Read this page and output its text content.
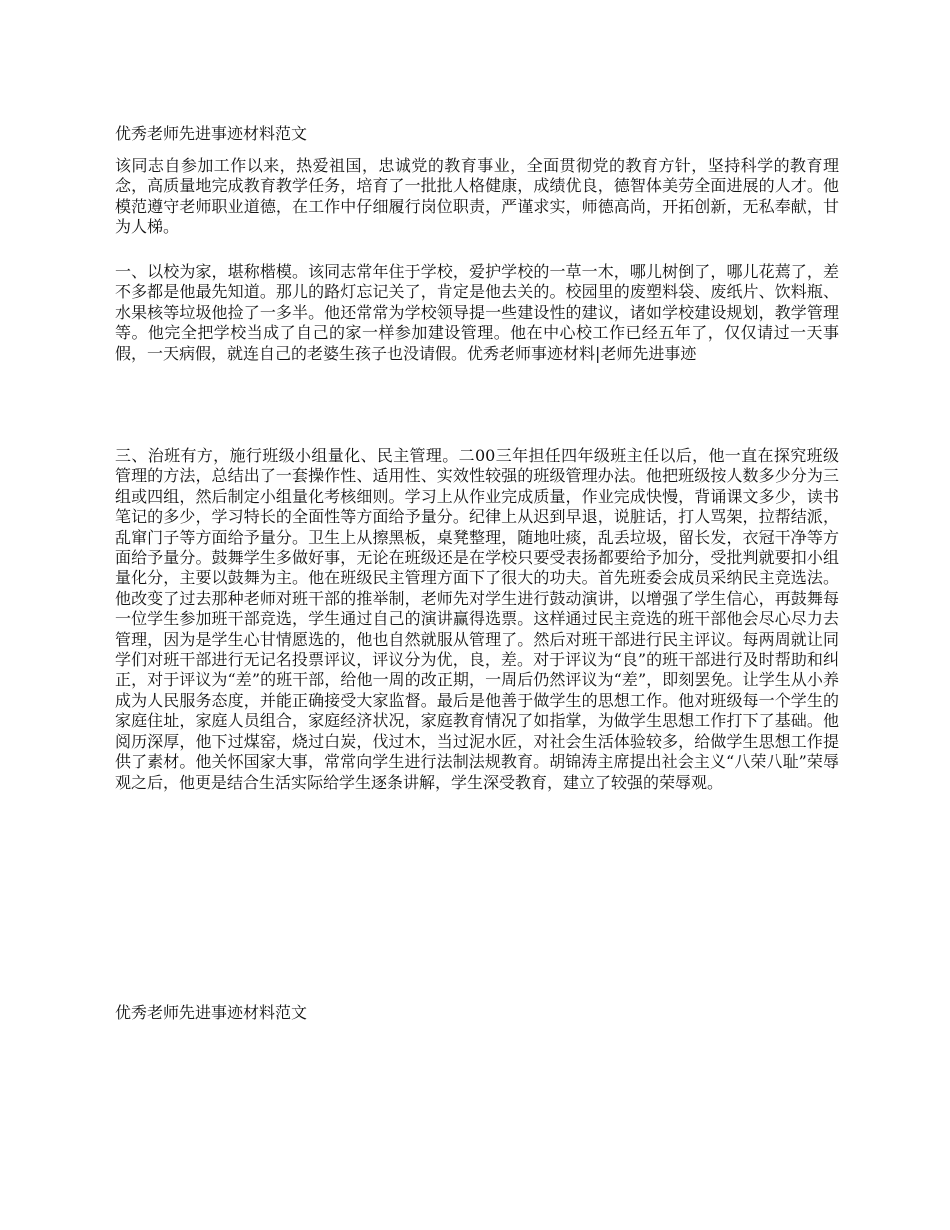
优秀老师先进事迹材料范文

该同志自参加工作以来，热爱祖国，忠诚党的教育事业，全面贯彻党的教育方针，坚持科学的教育理念，高质量地完成教育教学任务，培育了一批批人格健康，成绩优良，德智体美劳全面进展的人才。他模范遵守老师职业道德，在工作中仔细履行岗位职责，严谨求实，师德高尚，开拓创新，无私奉献，甘为人梯。

一、以校为家，堪称楷模。该同志常年住于学校，爱护学校的一草一木，哪儿树倒了，哪儿花蔫了，差不多都是他最先知道。那儿的路灯忘记关了，肯定是他去关的。校园里的废塑料袋、废纸片、饮料瓶、水果核等垃圾他捡了一多半。他还常常为学校领导提一些建设性的建议，诸如学校建设规划，教学管理等。他完全把学校当成了自己的家一样参加建设管理。他在中心校工作已经五年了，仅仅请过一天事假，一天病假，就连自己的老婆生孩子也没请假。优秀老师事迹材料|老师先进事迹

三、治班有方，施行班级小组量化、民主管理。二00三年担任四年级班主任以后，他一直在探究班级管理的方法，总结出了一套操作性、适用性、实效性较强的班级管理办法。他把班级按人数多少分为三组或四组，然后制定小组量化考核细则。学习上从作业完成质量，作业完成快慢，背诵课文多少，读书笔记的多少，学习特长的全面性等方面给予量分。纪律上从迟到早退，说脏话，打人骂架，拉帮结派，乱窜门子等方面给予量分。卫生上从擦黑板，桌凳整理，随地吐痰，乱丢垃圾，留长发，衣冠干净等方面给予量分。鼓舞学生多做好事，无论在班级还是在学校只要受表扬都要给予加分，受批判就要扣小组量化分，主要以鼓舞为主。他在班级民主管理方面下了很大的功夫。首先班委会成员采纳民主竞选法。他改变了过去那种老师对班干部的推举制，老师先对学生进行鼓动演讲，以增强了学生信心，再鼓舞每一位学生参加班干部竞选，学生通过自己的演讲赢得选票。这样通过民主竞选的班干部他会尽心尽力去管理，因为是学生心甘情愿选的，他也自然就服从管理了。然后对班干部进行民主评议。每两周就让同学们对班干部进行无记名投票评议，评议分为优，良，差。对于评议为“良”的班干部进行及时帮助和纠正，对于评议为“差”的班干部，给他一周的改正期，一周后仍然评议为“差”，即刻罢免。让学生从小养成为人民服务态度，并能正确接受大家监督。最后是他善于做学生的思想工作。他对班级每一个学生的家庭住址，家庭人员组合，家庭经济状况，家庭教育情况了如指掌，为做学生思想工作打下了基础。他阅历深厚，他下过煤窑，烧过白炭，伐过木，当过泥水匠，对社会生活体验较多，给做学生思想工作提供了素材。他关怀国家大事，常常向学生进行法制法规教育。胡锦涛主席提出社会主义“八荣八耻”荣辱观之后，他更是结合生活实际给学生逐条讲解，学生深受教育，建立了较强的荣辱观。

优秀老师先进事迹材料范文
